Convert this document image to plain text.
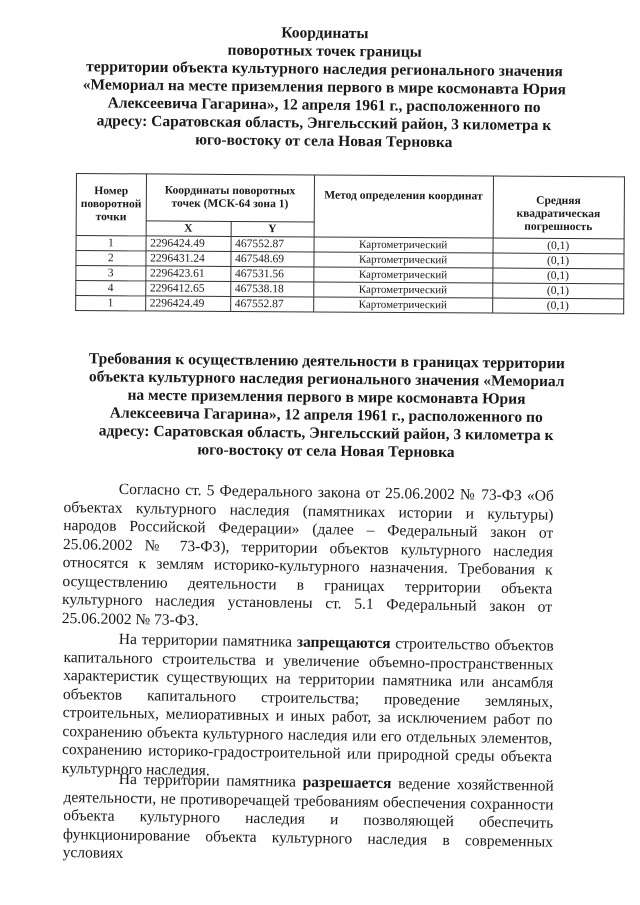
Координаты
поворотных точек границы
территории объекта культурного наследия регионального значения
«Мемориал на месте приземления первого в мире космонавта Юрия
Алексеевича Гагарина», 12 апреля 1961 г., расположенного по
адресу: Саратовская область, Энгельсский район, 3 километра к
юго-востоку от села Новая Терновка
Номер поворотной точки	Координаты поворотных точек (МСК-64 зона 1)		Метод определения координат	Средняя квадратическая погрешность
	X	Y		
1	2296424.49	467552.87	Картометрический	(0,1)
2	2296431.24	467548.69	Картометрический	(0,1)
3	2296423.61	467531.56	Картометрический	(0,1)
4	2296412.65	467538.18	Картометрический	(0,1)
1	2296424.49	467552.87	Картометрический	(0,1)
Требования к осуществлению деятельности в границах территории
объекта культурного наследия регионального значения «Мемориал
на месте приземления первого в мире космонавта Юрия
Алексеевича Гагарина», 12 апреля 1961 г., расположенного по
адресу: Саратовская область, Энгельсский район, 3 километра к
юго-востоку от села Новая Терновка
Согласно ст. 5 Федерального закона от 25.06.2002 № 73-ФЗ «Об объектах культурного наследия (памятниках истории и культуры) народов Российской Федерации» (далее – Федеральный закон от 25.06.2002 № 73-ФЗ), территории объектов культурного наследия относятся к землям историко-культурного назначения. Требования к осуществлению деятельности в границах территории объекта культурного наследия установлены ст. 5.1 Федеральный закон от 25.06.2002 № 73-ФЗ.
На территории памятника запрещаются строительство объектов капитального строительства и увеличение объемно-пространственных характеристик существующих на территории памятника или ансамбля объектов капитального строительства; проведение земляных, строительных, мелиоративных и иных работ, за исключением работ по сохранению объекта культурного наследия или его отдельных элементов, сохранению историко-градостроительной или природной среды объекта культурного наследия.
На территории памятника разрешается ведение хозяйственной деятельности, не противоречащей требованиям обеспечения сохранности объекта культурного наследия и позволяющей обеспечить функционирование объекта культурного наследия в современных условиях
